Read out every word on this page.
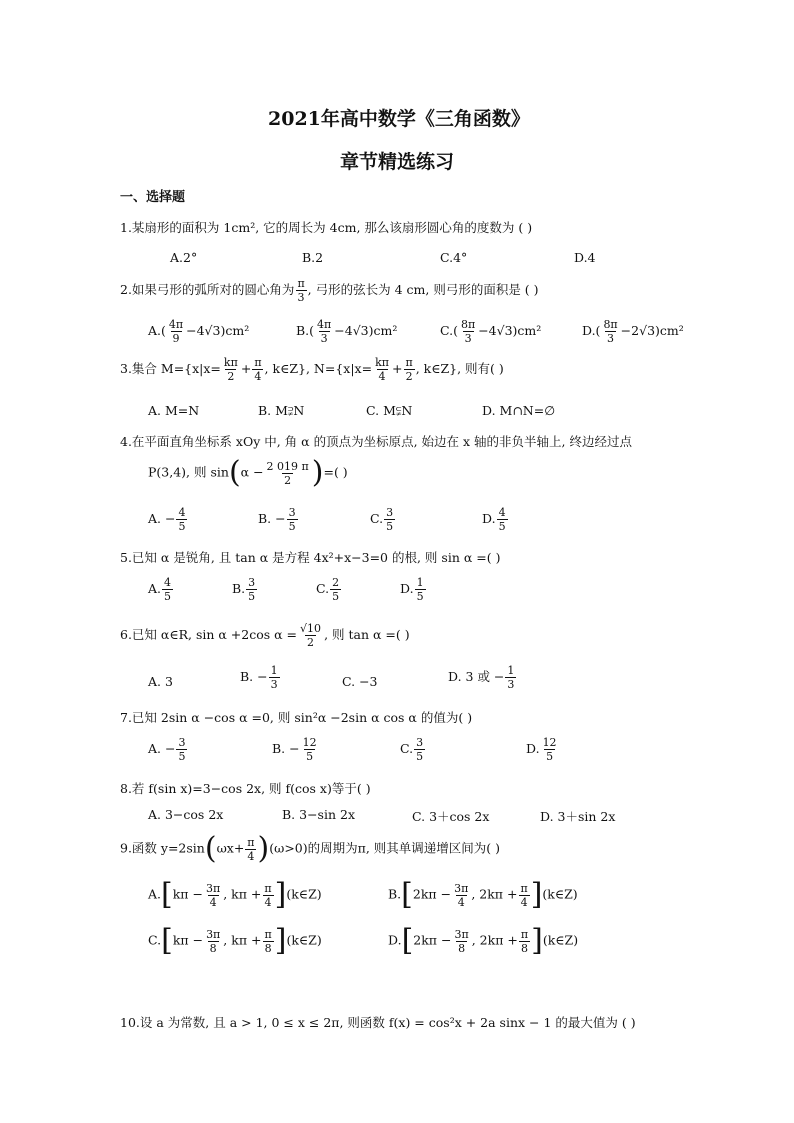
2021年高中数学《三角函数》
章节精选练习
一、选择题
1.某扇形的面积为 1cm², 它的周长为 4cm, 那么该扇形圆心角的度数为 ( )
A.2°	B.2	C.4°	D.4
2.如果弓形的弧所对的圆心角为 $\frac{\pi}{3}$ , 弓形的弦长为 4 cm, 则弓形的面积是 ( )
$A.( \frac{4\pi}{9} -4√3)cm^2$	$B.( \frac{4\pi}{3} -4√3)cm^2$	$C.( \frac{8\pi}{3} -4√3)cm^2$	$D.( \frac{8\pi}{3} -2√3)cm^2$
3.集合 $M=\{x|x= \frac{k\pi}{2} + \frac{\pi}{4}$ , k∈Z}, $N=\{x|x= \frac{k\pi}{4} + \frac{\pi}{2}$ , k∈Z}, 则有( )
A. M=N	B. M⫌N	C. M⫋N	D. M∩N=∅
4.在平面直角坐标系 xOy 中, 角 α 的顶点为坐标原点, 始边在 x 轴的非负半轴上, 终边经过点
P(3,4), 则 $\sin(\alpha - \frac{2 019 \pi}{2}$ )=( )
A. − $\frac{4}{5}$	B. − $\frac{3}{5}$	C. $\frac{3}{5}$	D. $\frac{4}{5}$
5.已知 α 是锐角, 且 tan α 是方程 4x²+x−3=0 的根, 则 sin α =( )
A. $\frac{4}{5}$	B. $\frac{3}{5}$	C. $\frac{2}{5}$	D. $\frac{1}{5}$
6.已知 α∈R, sin α +2cos $\alpha = \frac{√10}{2}$ , 则 tan α =( )
A. 3	B. − $\frac{1}{3}$	C. −3	D. 3 或 − $\frac{1}{3}$
7.已知 2sin α −cos α =0, 则 sin²α −2sin α cos α 的值为( )
A. − $\frac{3}{5}$	B. − $\frac{12}{5}$	C. $\frac{3}{5}$	D. $\frac{12}{5}$
8.若 f(sin x)=3−cos 2x, 则 f(cos x)等于( )
A. 3−cos 2x	B. 3−sin 2x	C. 3＋cos 2x	D. 3＋sin 2x
9.函数 $y=2\sin(\omega x+ \frac{\pi}{4} )(\omega>0)$的周期为π, 则其单调递增区间为( )
$A.[k\pi - \frac{3\pi}{4}$ , $k\pi + \frac{\pi}{4}$ ](k∈Z)	$B.[2k\pi - \frac{3\pi}{4}$ , $2k\pi + \frac{\pi}{4}$ ](k∈Z)
$C.[k\pi - \frac{3\pi}{8}$ , $k\pi + \frac{\pi}{8}$ ](k∈Z)	$D.[2k\pi - \frac{3\pi}{8}$ , $2k\pi + \frac{\pi}{8}$ ](k∈Z)
10.设 a 为常数, 且 a > 1, 0 ≤ x ≤ 2π, 则函数 f(x) = cos²x + 2a sinx − 1 的最大值为 ( )
